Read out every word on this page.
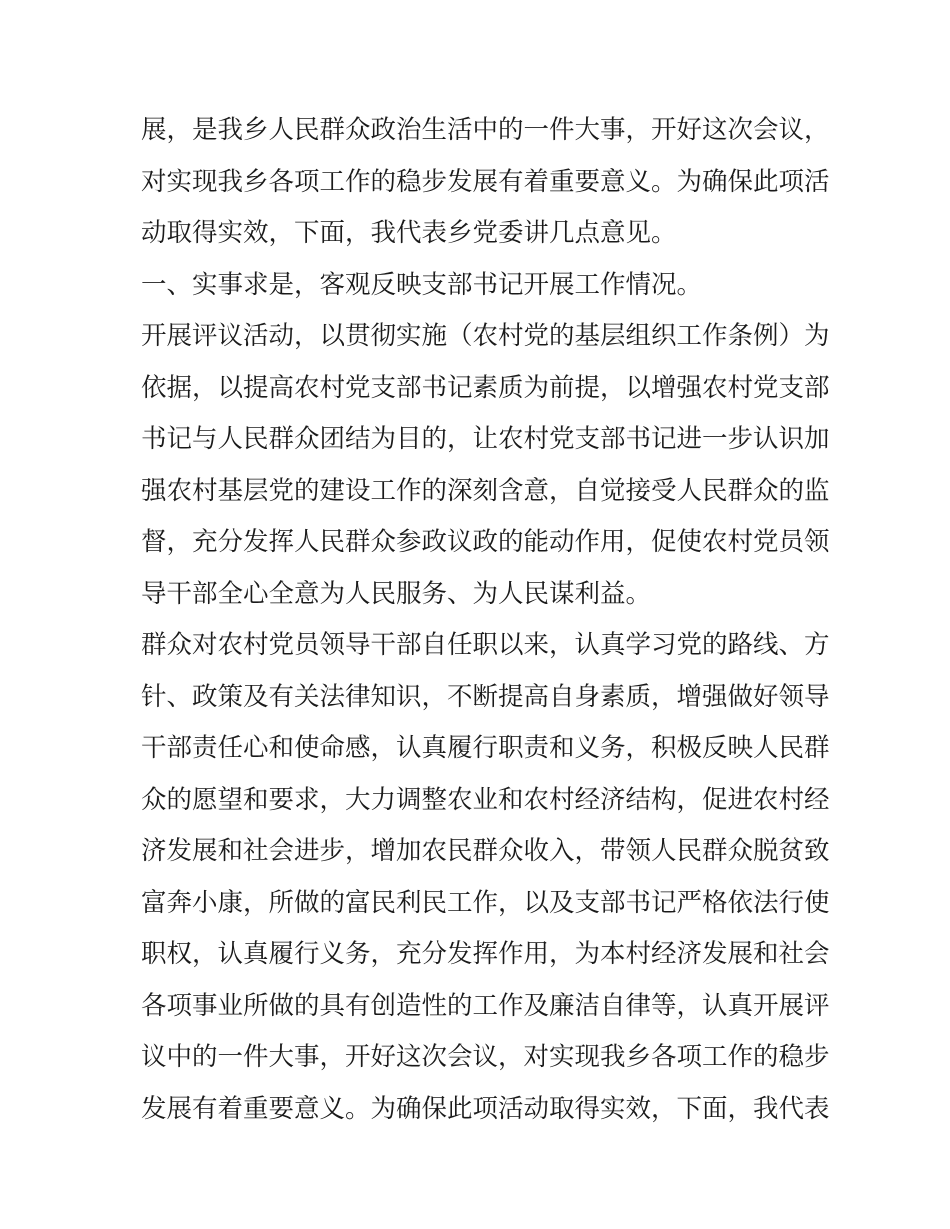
展，是我乡人民群众政治生活中的一件大事，开好这次会议，
对实现我乡各项工作的稳步发展有着重要意义。为确保此项活
动取得实效，下面，我代表乡党委讲几点意见。
一、实事求是，客观反映支部书记开展工作情况。
开展评议活动，以贯彻实施（农村党的基层组织工作条例）为
依据，以提高农村党支部书记素质为前提，以增强农村党支部
书记与人民群众团结为目的，让农村党支部书记进一步认识加
强农村基层党的建设工作的深刻含意，自觉接受人民群众的监
督，充分发挥人民群众参政议政的能动作用，促使农村党员领
导干部全心全意为人民服务、为人民谋利益。
群众对农村党员领导干部自任职以来，认真学习党的路线、方
针、政策及有关法律知识，不断提高自身素质，增强做好领导
干部责任心和使命感，认真履行职责和义务，积极反映人民群
众的愿望和要求，大力调整农业和农村经济结构，促进农村经
济发展和社会进步，增加农民群众收入，带领人民群众脱贫致
富奔小康，所做的富民利民工作，以及支部书记严格依法行使
职权，认真履行义务，充分发挥作用，为本村经济发展和社会
各项事业所做的具有创造性的工作及廉洁自律等，认真开展评
议中的一件大事，开好这次会议，对实现我乡各项工作的稳步
发展有着重要意义。为确保此项活动取得实效，下面，我代表
